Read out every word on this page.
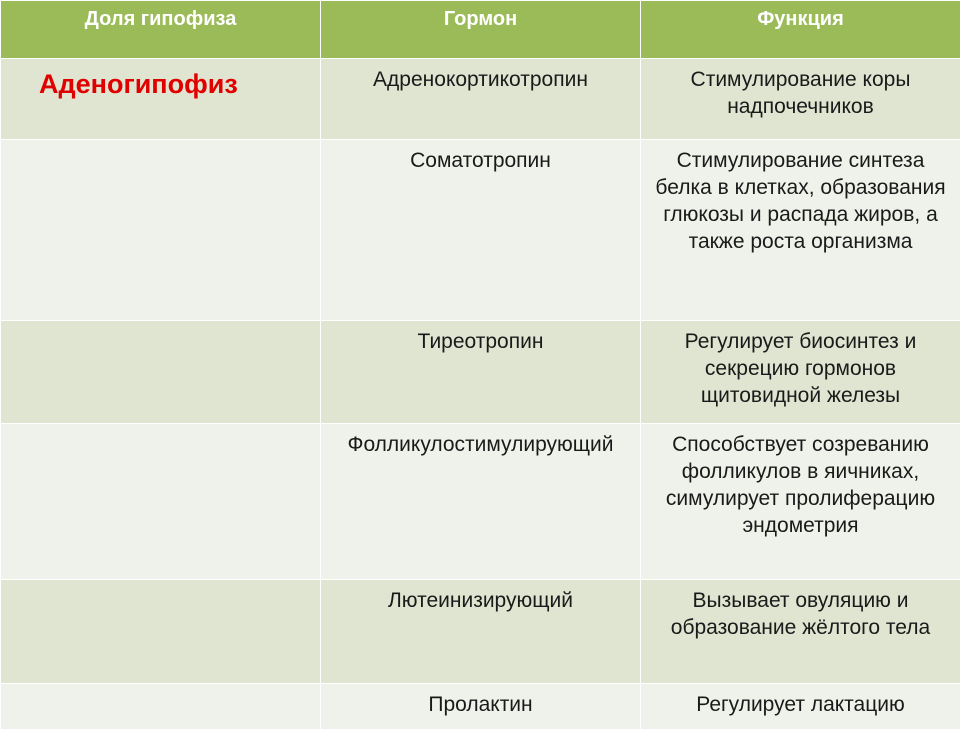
Доля гипофиза	Гормон	Функция

Аденогипофиз	Адренокортикотропин	Стимулирование коры надпочечников

	Соматотропин	Стимулирование синтеза белка в клетках, образования глюкозы и распада жиров, а также роста организма

	Тиреотропин	Регулирует биосинтез и секрецию гормонов щитовидной железы

	Фолликулостимулирующий	Способствует созреванию фолликулов в яичниках, симулирует пролиферацию эндометрия

	Лютеинизирующий	Вызывает овуляцию и образование жёлтого тела

	Пролактин	Регулирует лактацию
